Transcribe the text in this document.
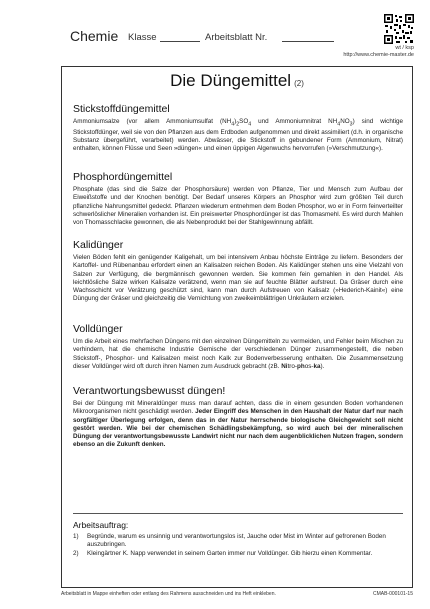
Chemie Klasse	Arbeitsblatt Nr.
wt / ksp
http://www.chemie-master.de
Die Düngemittel (2)
Stickstoffdüngemittel

Ammoniumsalze (vor allem Ammoniumsulfat $(NH_4)_2SO_4$ und Ammoniumnitrat $NH_4NO_3$) sind wichtige Stickstoffdünger, weil sie von den Pflanzen aus dem Erdboden aufgenommen und direkt assimiliert (d.h. in organische Substanz übergeführt, verarbeitet) werden. Abwässer, die Stickstoff in gebundener Form (Ammonium, Nitrat) enthalten, können Flüsse und Seen »düngen« und einen üppigen Algenwuchs hervorrufen (»Verschmutzung«).

Phosphordüngemittel

Phosphate (das sind die Salze der Phosphorsäure) werden von Pflanze, Tier und Mensch zum Aufbau der Eiweißstoffe und der Knochen benötigt. Der Bedarf unseres Körpers an Phosphor wird zum größten Teil durch pflanzliche Nahrungsmittel gedeckt. Pflanzen wiederum entnehmen dem Boden Phosphor, wo er in Form feinverteilter schwerlöslicher Mineralien vorhanden ist. Ein preiswerter Phosphordünger ist das Thomasmehl. Es wird durch Mahlen von Thomasschlacke gewonnen, die als Nebenprodukt bei der Stahlgewinnung abfällt.

Kalidünger

Vielen Böden fehlt ein genügender Kaligehalt, um bei intensivem Anbau höchste Einträge zu liefern. Besonders der Kartoffel- und Rübenanbau erfordert einen an Kalisalzen reichen Boden. Als Kalidünger stehen uns eine Vielzahl von Salzen zur Verfügung, die bergmännisch gewonnen werden. Sie kommen fein gemahlen in den Handel. Als leichtlösliche Salze wirken Kalisalze verätzend, wenn man sie auf feuchte Blätter aufstreut. Da Gräser durch eine Wachsschicht vor Verätzung geschützt sind, kann man durch Aufstreuen von Kalisalz (»Hederich-Kainit«) eine Düngung der Gräser und gleichzeitig die Vernichtung von zweikeimblättrigen Unkräutern erzielen.

Volldünger

Um die Arbeit eines mehrfachen Düngens mit den einzelnen Düngemitteln zu vermeiden, und Fehler beim Mischen zu verhindern, hat die chemische Industrie Gemische der verschiedenen Dünger zusammengestellt, die neben Stickstoff-, Phosphor- und Kalisalzen meist noch Kalk zur Bodenverbesserung enthalten. Die Zusammensetzung dieser Volldünger wird oft durch ihren Namen zum Ausdruck gebracht (zB. Nitro-phos-ka).

Verantwortungsbewusst düngen!

Bei der Düngung mit Mineraldünger muss man darauf achten, dass die in einem gesunden Boden vorhandenen Mikroorganismen nicht geschädigt werden. Jeder Eingriff des Menschen in den Haushalt der Natur darf nur nach sorgfältiger Überlegung erfolgen, denn das in der Natur herrschende biologische Gleichgewicht soll nicht gestört werden. Wie bei der chemischen Schädlingsbekämpfung, so wird auch bei der mineralischen Düngung der verantwortungsbewusste Landwirt nicht nur nach dem augenblicklichen Nutzen fragen, sondern ebenso an die Zukunft denken.

Arbeitsauftrag:
1)	Begründe, warum es unsinnig und verantwortungslos ist, Jauche oder Mist im Winter auf gefrorenen Boden auszubringen.
2)	Kleingärtner K. Napp verwendet in seinem Garten immer nur Volldünger. Gib hierzu einen Kommentar.
Arbeitsblatt in Mappe einheften oder entlang des Rahmens ausschneiden und ins Heft einkleben.	CMAB-000101-15
